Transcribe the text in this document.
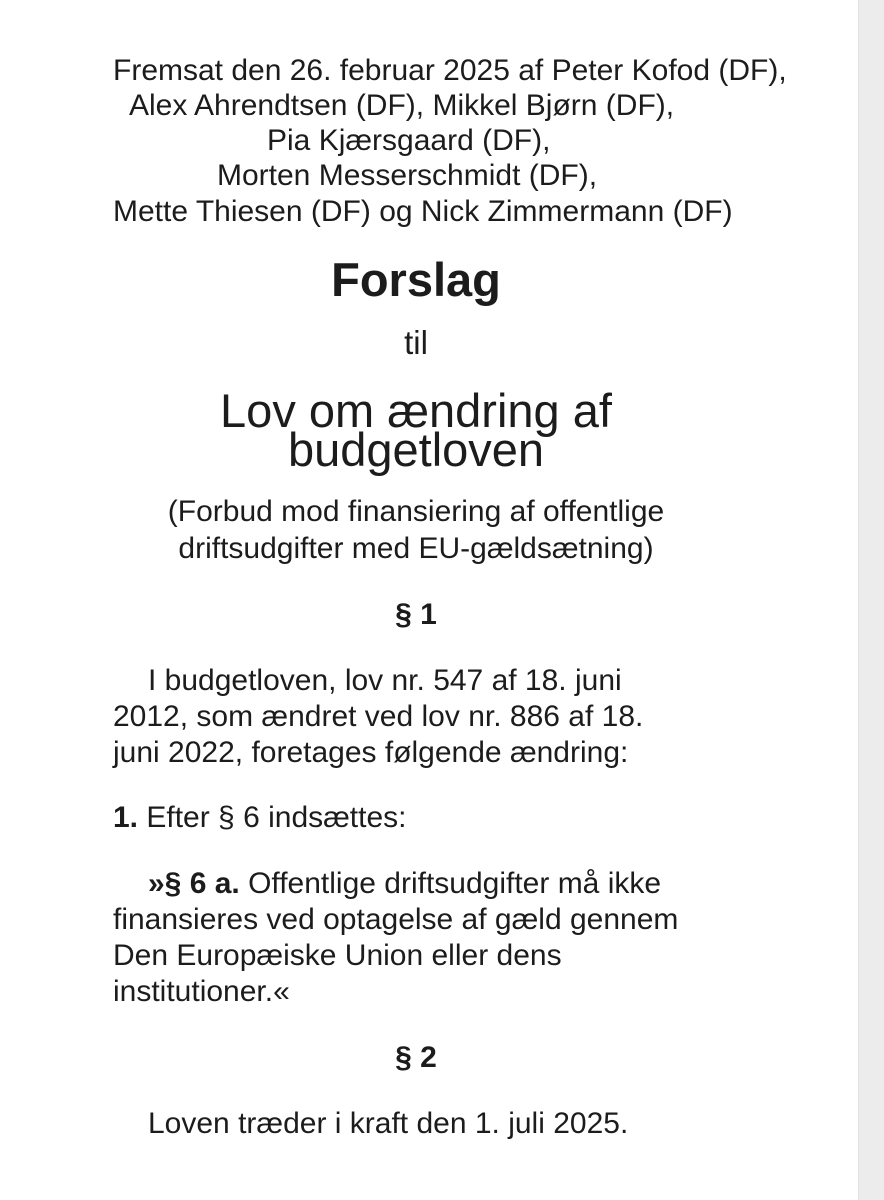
Fremsat den 26. februar 2025 af Peter Kofod (DF),
Alex Ahrendtsen (DF), Mikkel Bjørn (DF),
Pia Kjærsgaard (DF),
Morten Messerschmidt (DF),
Mette Thiesen (DF) og Nick Zimmermann (DF)
Forslag
til
Lov om ændring af
budgetloven
(Forbud mod finansiering af offentlige
driftsudgifter med EU-gældsætning)
§ 1
I budgetloven, lov nr. 547 af 18. juni
2012, som ændret ved lov nr. 886 af 18.
juni 2022, foretages følgende ændring:
1. Efter § 6 indsættes:
»§ 6 a. Offentlige driftsudgifter må ikke
finansieres ved optagelse af gæld gennem
Den Europæiske Union eller dens
institutioner.«
§ 2
Loven træder i kraft den 1. juli 2025.
